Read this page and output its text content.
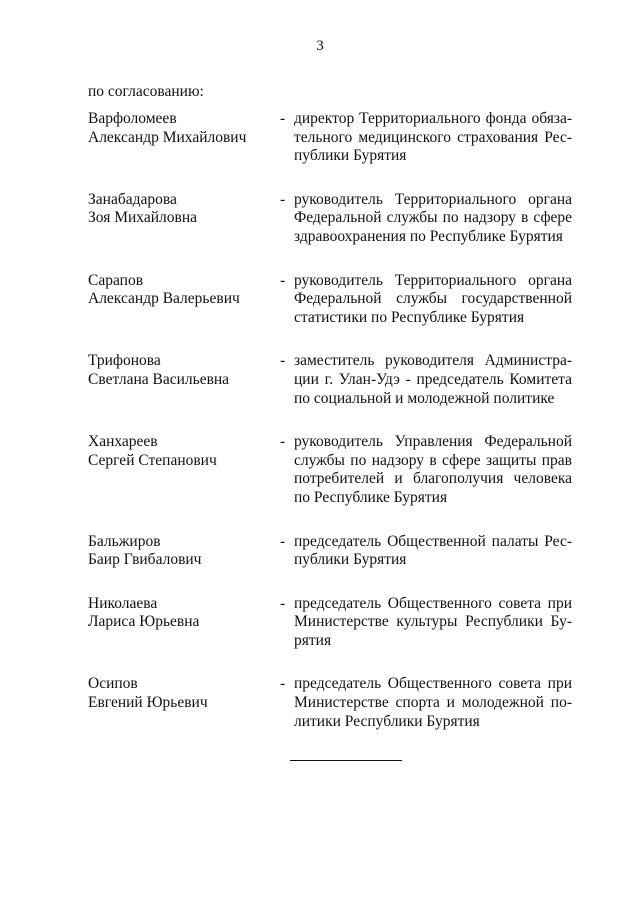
3
по согласованию:
Варфоломеев
Александр Михайлович
- директор Территориального фонда обязательного медицинского страхования Республики Бурятия
Занабадарова
Зоя Михайловна
- руководитель Территориального органа Федеральной службы по надзору в сфере здравоохранения по Республике Бурятия
Сарапов
Александр Валерьевич
- руководитель Территориального органа Федеральной службы государственной статистики по Республике Бурятия
Трифонова
Светлана Васильевна
- заместитель руководителя Администрации г. Улан-Удэ - председатель Комитета по социальной и молодежной политике
Ханхареев
Сергей Степанович
- руководитель Управления Федеральной службы по надзору в сфере защиты прав потребителей и благополучия человека по Республике Бурятия
Бальжиров
Баир Гвибалович
- председатель Общественной палаты Республики Бурятия
Николаева
Лариса Юрьевна
- председатель Общественного совета при Министерстве культуры Республики Бурятия
Осипов
Евгений Юрьевич
- председатель Общественного совета при Министерстве спорта и молодежной политики Республики Бурятия
